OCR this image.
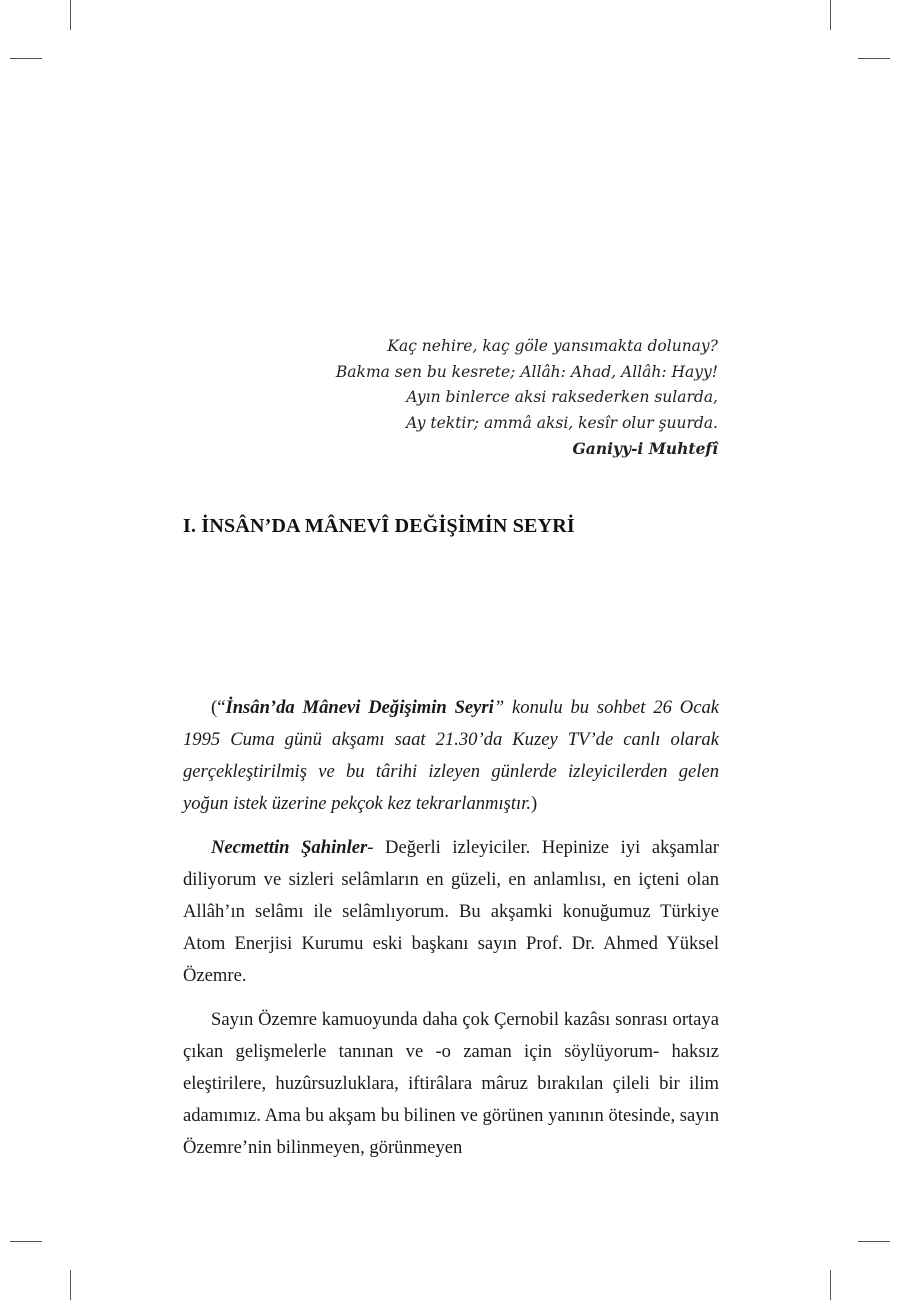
Kaç nehire, kaç göle yansımakta dolunay?
Bakma sen bu kesrete; Allâh: Ahad, Allâh: Hayy!
Ayın binlerce aksi raksederken sularda,
Ay tektir; ammâ aksi, kesîr olur şuurda.
Ganiyy-i Muhtefî
I. İNSÂN’DA MÂNEVÎ DEĞİŞİMİN SEYRİ

(“İnsân’da Mânevi Değişimin Seyri” konulu bu sohbet 26 Ocak 1995 Cuma günü akşamı saat 21.30’da Kuzey TV’de canlı olarak gerçekleştirilmiş ve bu târihi izleyen günlerde izleyicilerden gelen yoğun istek üzerine pekçok kez tekrarlanmıştır.)

Necmettin Şahinler- Değerli izleyiciler. Hepinize iyi akşamlar diliyorum ve sizleri selâmların en güzeli, en anlamlısı, en içteni olan Allâh’ın selâmı ile selâmlıyorum. Bu akşamki konuğumuz Türkiye Atom Enerjisi Kurumu eski başkanı sayın Prof. Dr. Ahmed Yüksel Özemre.

Sayın Özemre kamuoyunda daha çok Çernobil kazâsı sonrası ortaya çıkan gelişmelerle tanınan ve -o zaman için söylüyorum- haksız eleştirilere, huzûrsuzluklara, iftirâlara mâruz bırakılan çileli bir ilim adamımız. Ama bu akşam bu bilinen ve görünen yanının ötesinde, sayın Özemre’nin bilinmeyen, görünmeyen
